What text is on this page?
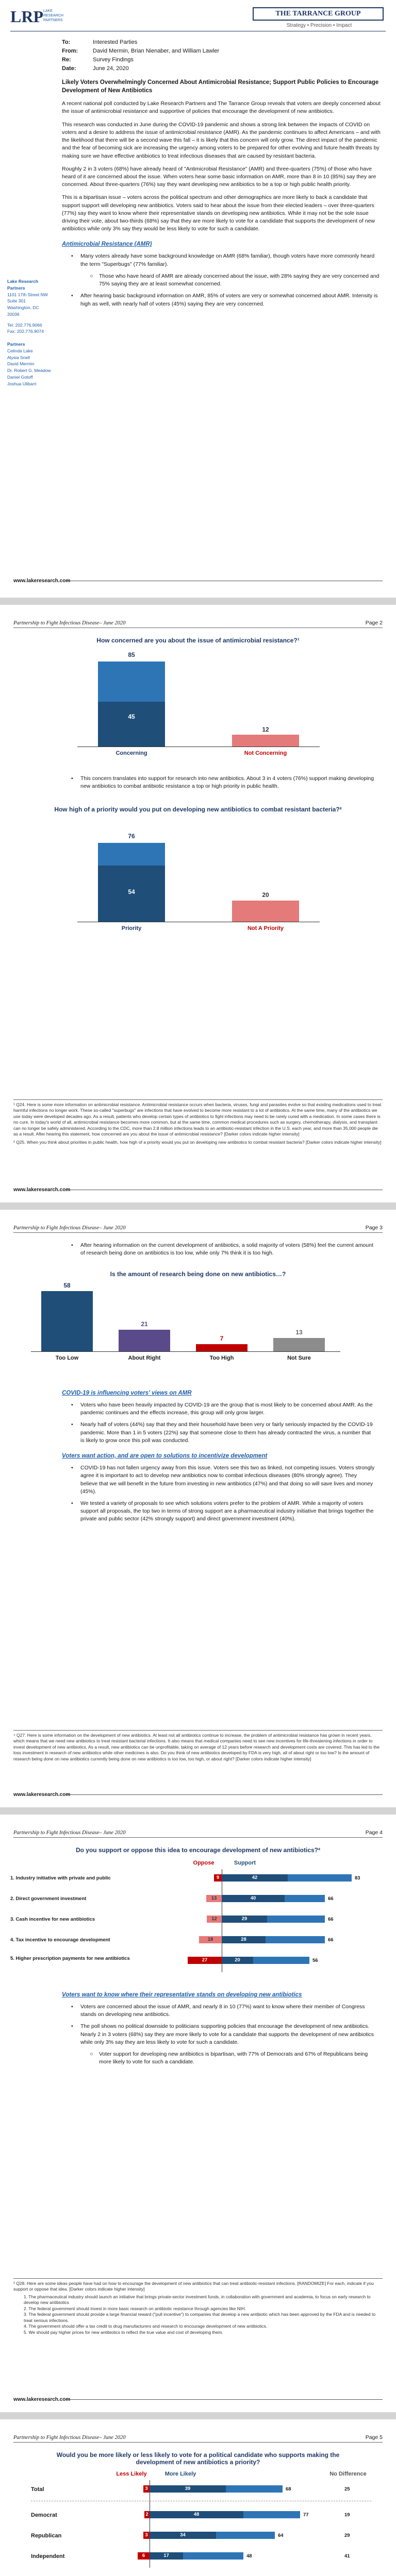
LRP LAKE
RESEARCH
PARTNERS
THE TARRANCE GROUP
Strategy • Precision • Impact
Lake Research Partners
1101 17th Street NW
Suite 301
Washington, DC
20036
Tel: 202.776.9066
Fax: 202.776.9074
Partners
Celinda Lake
Alysia Snell
David Mermin
Dr. Robert G. Meadow
Daniel Gotoff
Joshua Ulibarri
To:	Interested Parties
From:	David Mermin, Brian Nienaber, and William Lawler
Re:	Survey Findings
Date:	June 24, 2020

Likely Voters Overwhelmingly Concerned About Antimicrobial Resistance; Support Public Policies to Encourage Development of New Antibiotics

A recent national poll conducted by Lake Research Partners and The Tarrance Group reveals that voters are deeply concerned about the issue of antimicrobial resistance and supportive of policies that encourage the development of new antibiotics.

This research was conducted in June during the COVID-19 pandemic and shows a strong link between the impacts of COVID on voters and a desire to address the issue of antimicrobial resistance (AMR). As the pandemic continues to affect Americans – and with the likelihood that there will be a second wave this fall – it is likely that this concern will only grow. The direct impact of the pandemic and the fear of becoming sick are increasing the urgency among voters to be prepared for other evolving and future health threats by making sure we have effective antibiotics to treat infectious diseases that are caused by resistant bacteria.

Roughly 2 in 3 voters (68%) have already heard of "Antimicrobial Resistance" (AMR) and three-quarters (75%) of those who have heard of it are concerned about the issue. When voters hear some basic information on AMR, more than 8 in 10 (85%) say they are concerned. About three-quarters (76%) say they want developing new antibiotics to be a top or high public health priority.

This is a bipartisan issue – voters across the political spectrum and other demographics are more likely to back a candidate that support support will developing new antibiotics. Voters said to hear about the issue from their elected leaders – over three-quarters (77%) say they want to know where their representative stands on developing new antibiotics. While it may not be the sole issue driving their vote, about two-thirds (68%) say that they are more likely to vote for a candidate that supports the development of new antibiotics while only 3% say they would be less likely to vote for such a candidate.

Antimicrobial Resistance (AMR)

• Many voters already have some background knowledge on AMR (68% familiar), though voters have more commonly heard the term "Superbugs" (77% familiar).
○ Those who have heard of AMR are already concerned about the issue, with 28% saying they are very concerned and 75% saying they are at least somewhat concerned.
• After hearing basic background information on AMR, 85% of voters are very or somewhat concerned about AMR. Intensity is high as well, with nearly half of voters (45%) saying they are very concerned.
www.lakeresearch.com
Partnership to Fight Infectious Disease– June 2020	Page 2
How concerned are you about the issue of antimicrobial resistance?¹
85
45
Concerning
12
Not Concerning
• This concern translates into support for research into new antibiotics. About 3 in 4 voters (76%) support making developing new antibiotics to combat antibiotic resistance a top or high priority in public health.
How high of a priority would you put on developing new antibiotics to combat resistant bacteria?²
76
54
Priority
20
Not A Priority

¹ Q24. Here is some more information on antimicrobial resistance. Antimicrobial resistance occurs when bacteria, viruses, fungi and parasites evolve so that existing medications used to treat harmful infections no longer work. These so-called "superbugs" are infections that have evolved to become more resistant to a lot of antibiotics. At the same time, many of the antibiotics we use today were developed decades ago. As a result, patients who develop certain types of antibiotics to fight infections may need to be rarely cured with a medication. In some cases there is no cure. In today's world of all, antimicrobial resistance becomes more common, but at the same time, common medical procedures such as surgery, chemotherapy, dialysis, and transplant can no longer be safely administered. According to the CDC, more than 2.8 million infections leads to an antibiotic-resistant infection in the U.S. each year, and more than 35,000 people die as a result. After hearing this statement, how concerned are you about the issue of antimicrobial resistance? [Darker colors indicate higher intensity]

² Q25. When you think about priorities in public health, how high of a priority would you put on developing new antibiotics to combat resistant bacteria? [Darker colors indicate higher intensity]

www.lakeresearch.com
Partnership to Fight Infectious Disease– June 2020	Page 3
• After hearing information on the current development of antibiotics, a solid majority of voters (58%) feel the current amount of research being done on antibiotics is too low, while only 7% think it is too high.
Is the amount of research being done on new antibiotics…?
58
Too Low
21
About Right
7
Too High
13
Not Sure

COVID-19 is influencing voters' views on AMR

• Voters who have been heavily impacted by COVID-19 are the group that is most likely to be concerned about AMR. As the pandemic continues and the effects increase, this group will only grow larger.
• Nearly half of voters (44%) say that they and their household have been very or fairly seriously impacted by the COVID-19 pandemic. More than 1 in 5 voters (22%) say that someone close to them has already contracted the virus, a number that is likely to grow once this poll was conducted.

Voters want action, and are open to solutions to incentivize development

• COVID-19 has not fallen urgency away from this issue. Voters see this two as linked, not competing issues. Voters strongly agree it is important to act to develop new antibiotics now to combat infectious diseases (80% strongly agree). They believe that we will benefit in the future from investing in new antibiotics (47%) and that doing so will save lives and money (45%).
• We tested a variety of proposals to see which solutions voters prefer to the problem of AMR. While a majority of voters support all proposals, the top two in terms of strong support are a pharmaceutical industry initiative that brings together the private and public sector (42% strongly support) and direct government investment (40%).

⁴ Q27. Here is some information on the development of new antibiotics. At least not all antibiotics continue to increase, the problem of antimicrobial resistance has grown in recent years, which means that we need new antibiotics to treat resistant bacterial infections. It also means that medical companies need to see new incentives for life-threatening infections in order to invest development of new antibiotics. As a result, new antibiotics can be unprofitable, taking on average of 12 years before research and development costs are covered. This has led to the loss investment in research of new antibiotics while other medicines is also. Do you think of new antibiotics developed by FDA is very high, all of about right or too low? Is the amount of research being done on new antibiotics currently being done on new antibiotics is too low, too high, or about right? [Darker colors indicate higher intensity]

www.lakeresearch.com
Partnership to Fight Infectious Disease– June 2020	Page 4
Do you support or oppose this idea to encourage development of new antibiotics?²
Oppose	Support
1. Industry initiative with private and public	9	42	83
2. Direct government investment	13	40	66
3. Cash incentive for new antibiotics	12	29	66
4. Tax incentive to encourage development	18	28	66
5. Higher prescription payments for new antibiotics	27	20	56

Voters want to know where their representative stands on developing new antibiotics

• Voters are concerned about the issue of AMR, and nearly 8 in 10 (77%) want to know where their member of Congress stands on developing new antibiotics.
• The poll shows no political downside to politicians supporting policies that encourage the development of new antibiotics. Nearly 2 in 3 voters (68%) say they are more likely to vote for a candidate that supports the development of new antibiotics while only 3% say they are less likely to vote for such a candidate.
○ Voter support for developing new antibiotics is bipartisan, with 77% of Democrats and 67% of Republicans being more likely to vote for such a candidate.

² Q28. Here are some ideas people have had on how to encourage the development of new antibiotics that can treat antibiotic-resistant infections. [RANDOMIZE] For each, indicate if you support or oppose that idea. [Darker colors indicate higher intensity]

1. The pharmaceutical industry should launch an initiative that brings private-sector investment funds, in collaboration with government and academia, to focus on early research to develop new antibiotics

2. The federal government should invest in more basic research on antibiotic resistance through agencies like NIH.

3. The federal government should provide a large financial reward ("pull incentive") to companies that develop a new antibiotic which has been approved by the FDA and is needed to treat serious infections.

4. The government should offer a tax credit to drug manufacturers and research to encourage development of new antibiotics.

5. We should pay higher prices for new antibiotics to reflect the true value and cost of developing them.

www.lakeresearch.com
Partnership to Fight Infectious Disease– June 2020	Page 5
Would you be more likely or less likely to vote for a political candidate who supports making the development of new antibiotics a priority?
Less Likely	More Likely	No Difference
Total	3	39	68	25
Democrat	2	48	77	19
Republican	3	34	64	29
Independent	6	17	48	41
